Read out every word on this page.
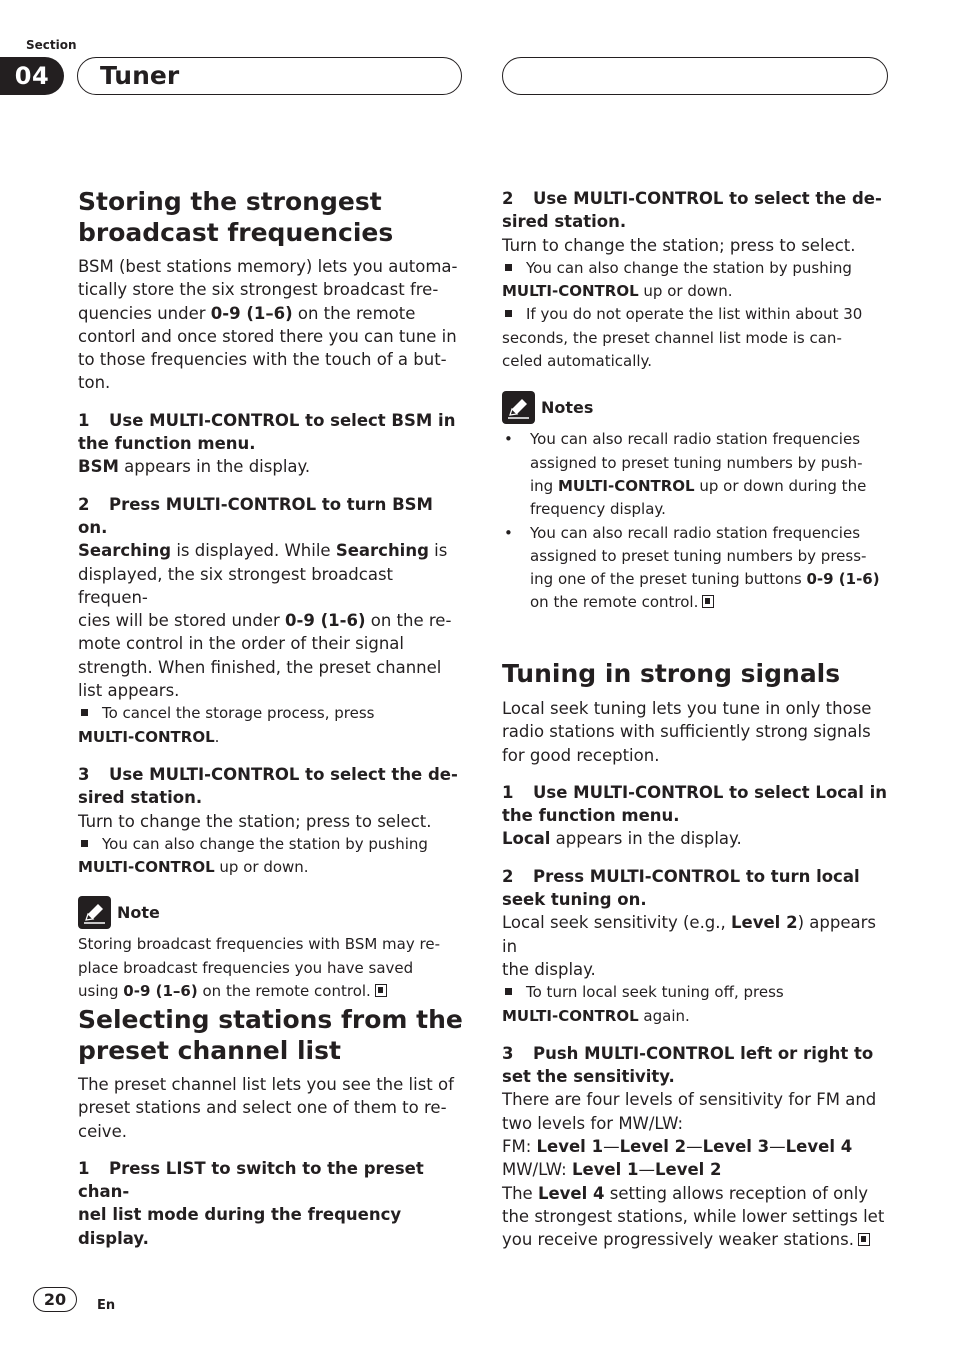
Section
04	Tuner
Storing the strongest
broadcast frequencies

BSM (best stations memory) lets you automa-
tically store the six strongest broadcast fre-
quencies under 0-9 (1–6) on the remote
contorl and once stored there you can tune in
to those frequencies with the touch of a but-
ton.

1 Use MULTI-CONTROL to select BSM in
the function menu.

BSM appears in the display.

2 Press MULTI-CONTROL to turn BSM on.

Searching is displayed. While Searching is
displayed, the six strongest broadcast frequen-
cies will be stored under 0-9 (1-6) on the re-
mote control in the order of their signal
strength. When finished, the preset channel
list appears.

To cancel the storage process, press
MULTI-CONTROL.

3 Use MULTI-CONTROL to select the de-
sired station.

Turn to change the station; press to select.

You can also change the station by pushing
MULTI-CONTROL up or down.

Note

Storing broadcast frequencies with BSM may re-
place broadcast frequencies you have saved
using 0-9 (1–6) on the remote control.

Selecting stations from the
preset channel list

The preset channel list lets you see the list of
preset stations and select one of them to re-
ceive.

1 Press LIST to switch to the preset chan-
nel list mode during the frequency display.

2 Use MULTI-CONTROL to select the de-
sired station.

Turn to change the station; press to select.

You can also change the station by pushing
MULTI-CONTROL up or down.

If you do not operate the list within about 30
seconds, the preset channel list mode is can-
celed automatically.

Notes
•	You can also recall radio station frequencies
assigned to preset tuning numbers by push-
ing MULTI-CONTROL up or down during the
frequency display.
•	You can also recall radio station frequencies
assigned to preset tuning numbers by press-
ing one of the preset tuning buttons 0-9 (1-6)
on the remote control.
Tuning in strong signals

Local seek tuning lets you tune in only those
radio stations with sufficiently strong signals
for good reception.

1 Use MULTI-CONTROL to select Local in
the function menu.

Local appears in the display.

2 Press MULTI-CONTROL to turn local
seek tuning on.

Local seek sensitivity (e.g., Level 2) appears in
the display.

To turn local seek tuning off, press
MULTI-CONTROL again.

3 Push MULTI-CONTROL left or right to
set the sensitivity.

There are four levels of sensitivity for FM and
two levels for MW/LW:
FM: Level 1—Level 2—Level 3—Level 4
MW/LW: Level 1—Level 2
The Level 4 setting allows reception of only
the strongest stations, while lower settings let
you receive progressively weaker stations.

20	En
